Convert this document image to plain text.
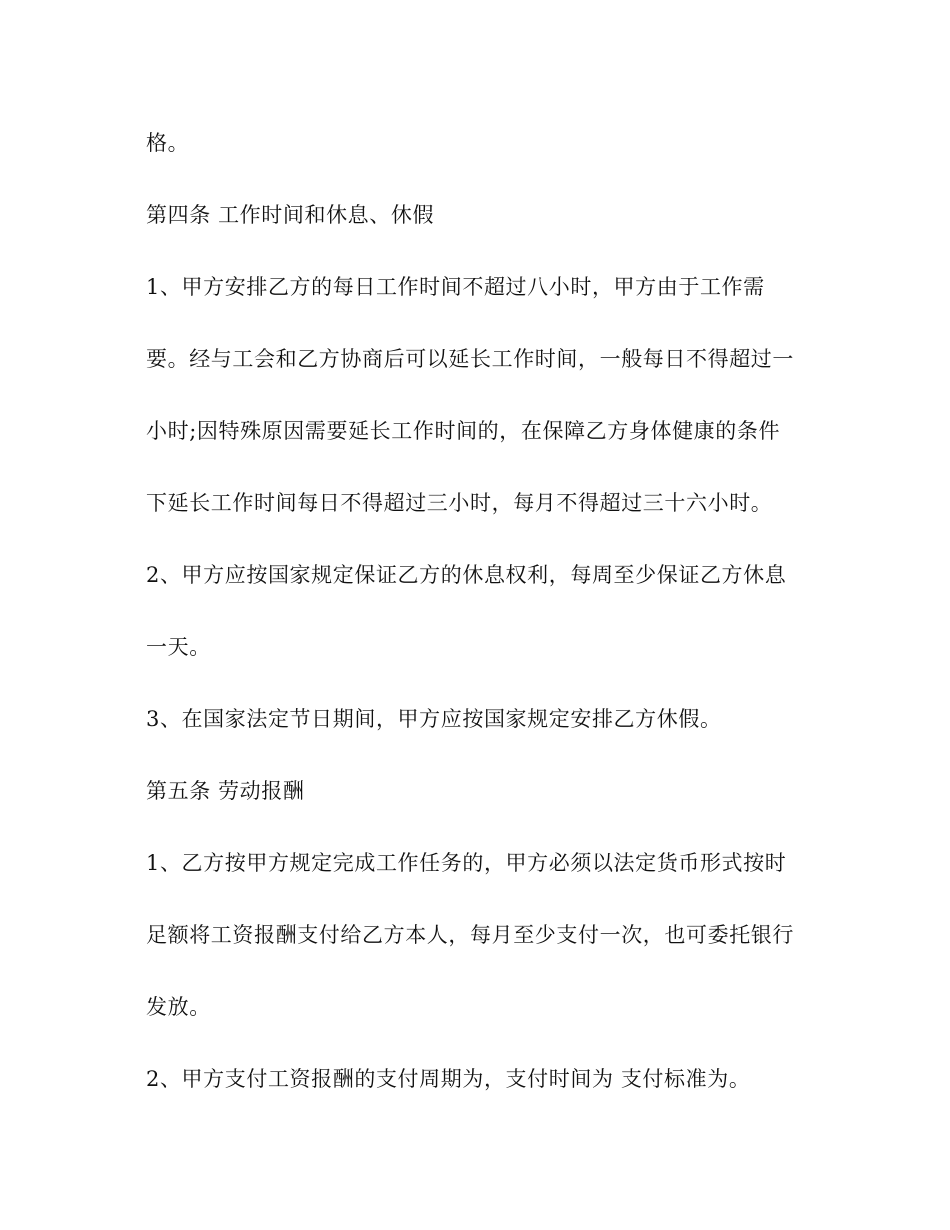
格。
第四条 工作时间和休息、休假
1、甲方安排乙方的每日工作时间不超过八小时，甲方由于工作需
要。经与工会和乙方协商后可以延长工作时间，一般每日不得超过一
小时;因特殊原因需要延长工作时间的，在保障乙方身体健康的条件
下延长工作时间每日不得超过三小时，每月不得超过三十六小时。
2、甲方应按国家规定保证乙方的休息权利，每周至少保证乙方休息
一天。
3、在国家法定节日期间，甲方应按国家规定安排乙方休假。
第五条 劳动报酬
1、乙方按甲方规定完成工作任务的，甲方必须以法定货币形式按时
足额将工资报酬支付给乙方本人，每月至少支付一次，也可委托银行
发放。
2、甲方支付工资报酬的支付周期为，支付时间为 支付标准为。
